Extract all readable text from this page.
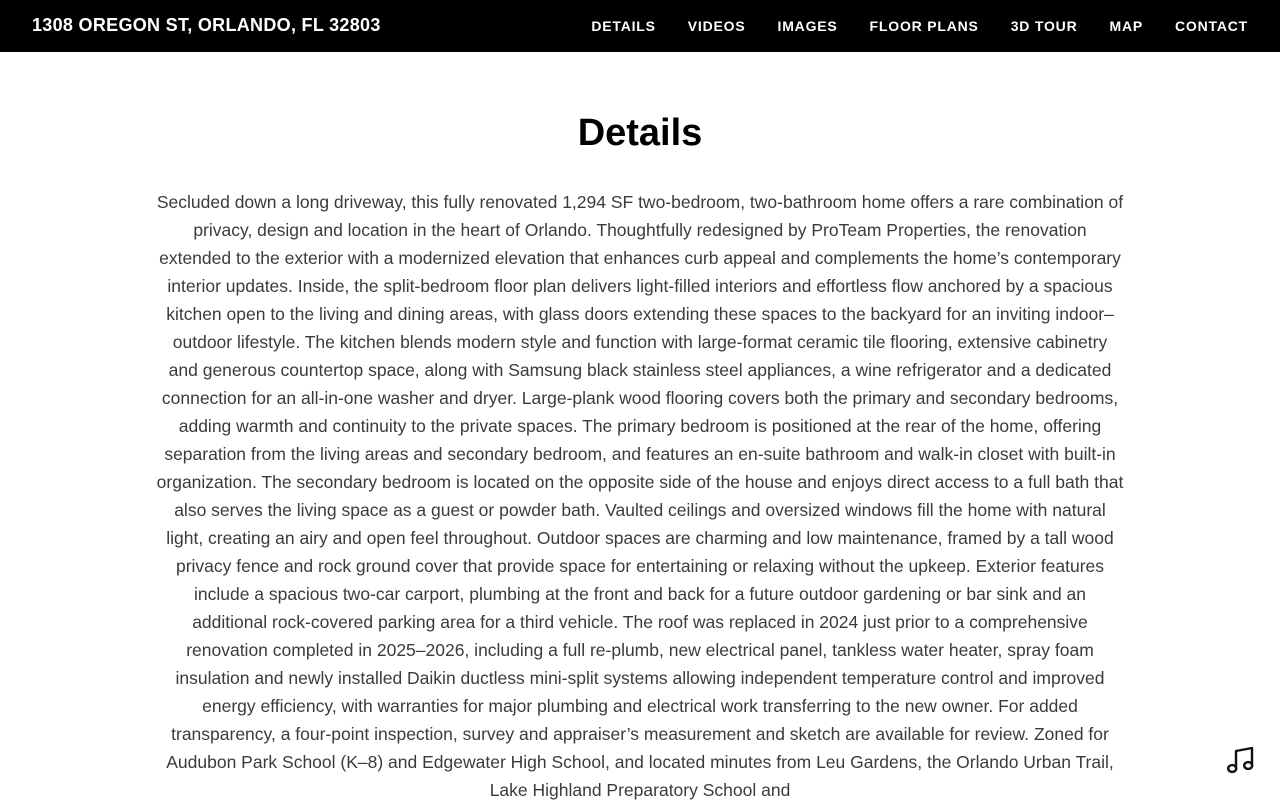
1308 OREGON ST, ORLANDO, FL 32803	DETAILS VIDEOS IMAGES FLOOR PLANS 3D TOUR MAP CONTACT
Details

Secluded down a long driveway, this fully renovated 1,294 SF two-bedroom, two-bathroom home offers a rare combination of privacy, design and location in the heart of Orlando. Thoughtfully redesigned by ProTeam Properties, the renovation extended to the exterior with a modernized elevation that enhances curb appeal and complements the home’s contemporary interior updates. Inside, the split-bedroom floor plan delivers light-filled interiors and effortless flow anchored by a spacious kitchen open to the living and dining areas, with glass doors extending these spaces to the backyard for an inviting indoor–outdoor lifestyle. The kitchen blends modern style and function with large-format ceramic tile flooring, extensive cabinetry and generous countertop space, along with Samsung black stainless steel appliances, a wine refrigerator and a dedicated connection for an all-in-one washer and dryer. Large-plank wood flooring covers both the primary and secondary bedrooms, adding warmth and continuity to the private spaces. The primary bedroom is positioned at the rear of the home, offering separation from the living areas and secondary bedroom, and features an en-suite bathroom and walk-in closet with built-in organization. The secondary bedroom is located on the opposite side of the house and enjoys direct access to a full bath that also serves the living space as a guest or powder bath. Vaulted ceilings and oversized windows fill the home with natural light, creating an airy and open feel throughout. Outdoor spaces are charming and low maintenance, framed by a tall wood privacy fence and rock ground cover that provide space for entertaining or relaxing without the upkeep. Exterior features include a spacious two-car carport, plumbing at the front and back for a future outdoor gardening or bar sink and an additional rock-covered parking area for a third vehicle. The roof was replaced in 2024 just prior to a comprehensive renovation completed in 2025–2026, including a full re-plumb, new electrical panel, tankless water heater, spray foam insulation and newly installed Daikin ductless mini-split systems allowing independent temperature control and improved energy efficiency, with warranties for major plumbing and electrical work transferring to the new owner. For added transparency, a four-point inspection, survey and appraiser’s measurement and sketch are available for review. Zoned for Audubon Park School (K–8) and Edgewater High School, and located minutes from Leu Gardens, the Orlando Urban Trail, Lake Highland Preparatory School and
